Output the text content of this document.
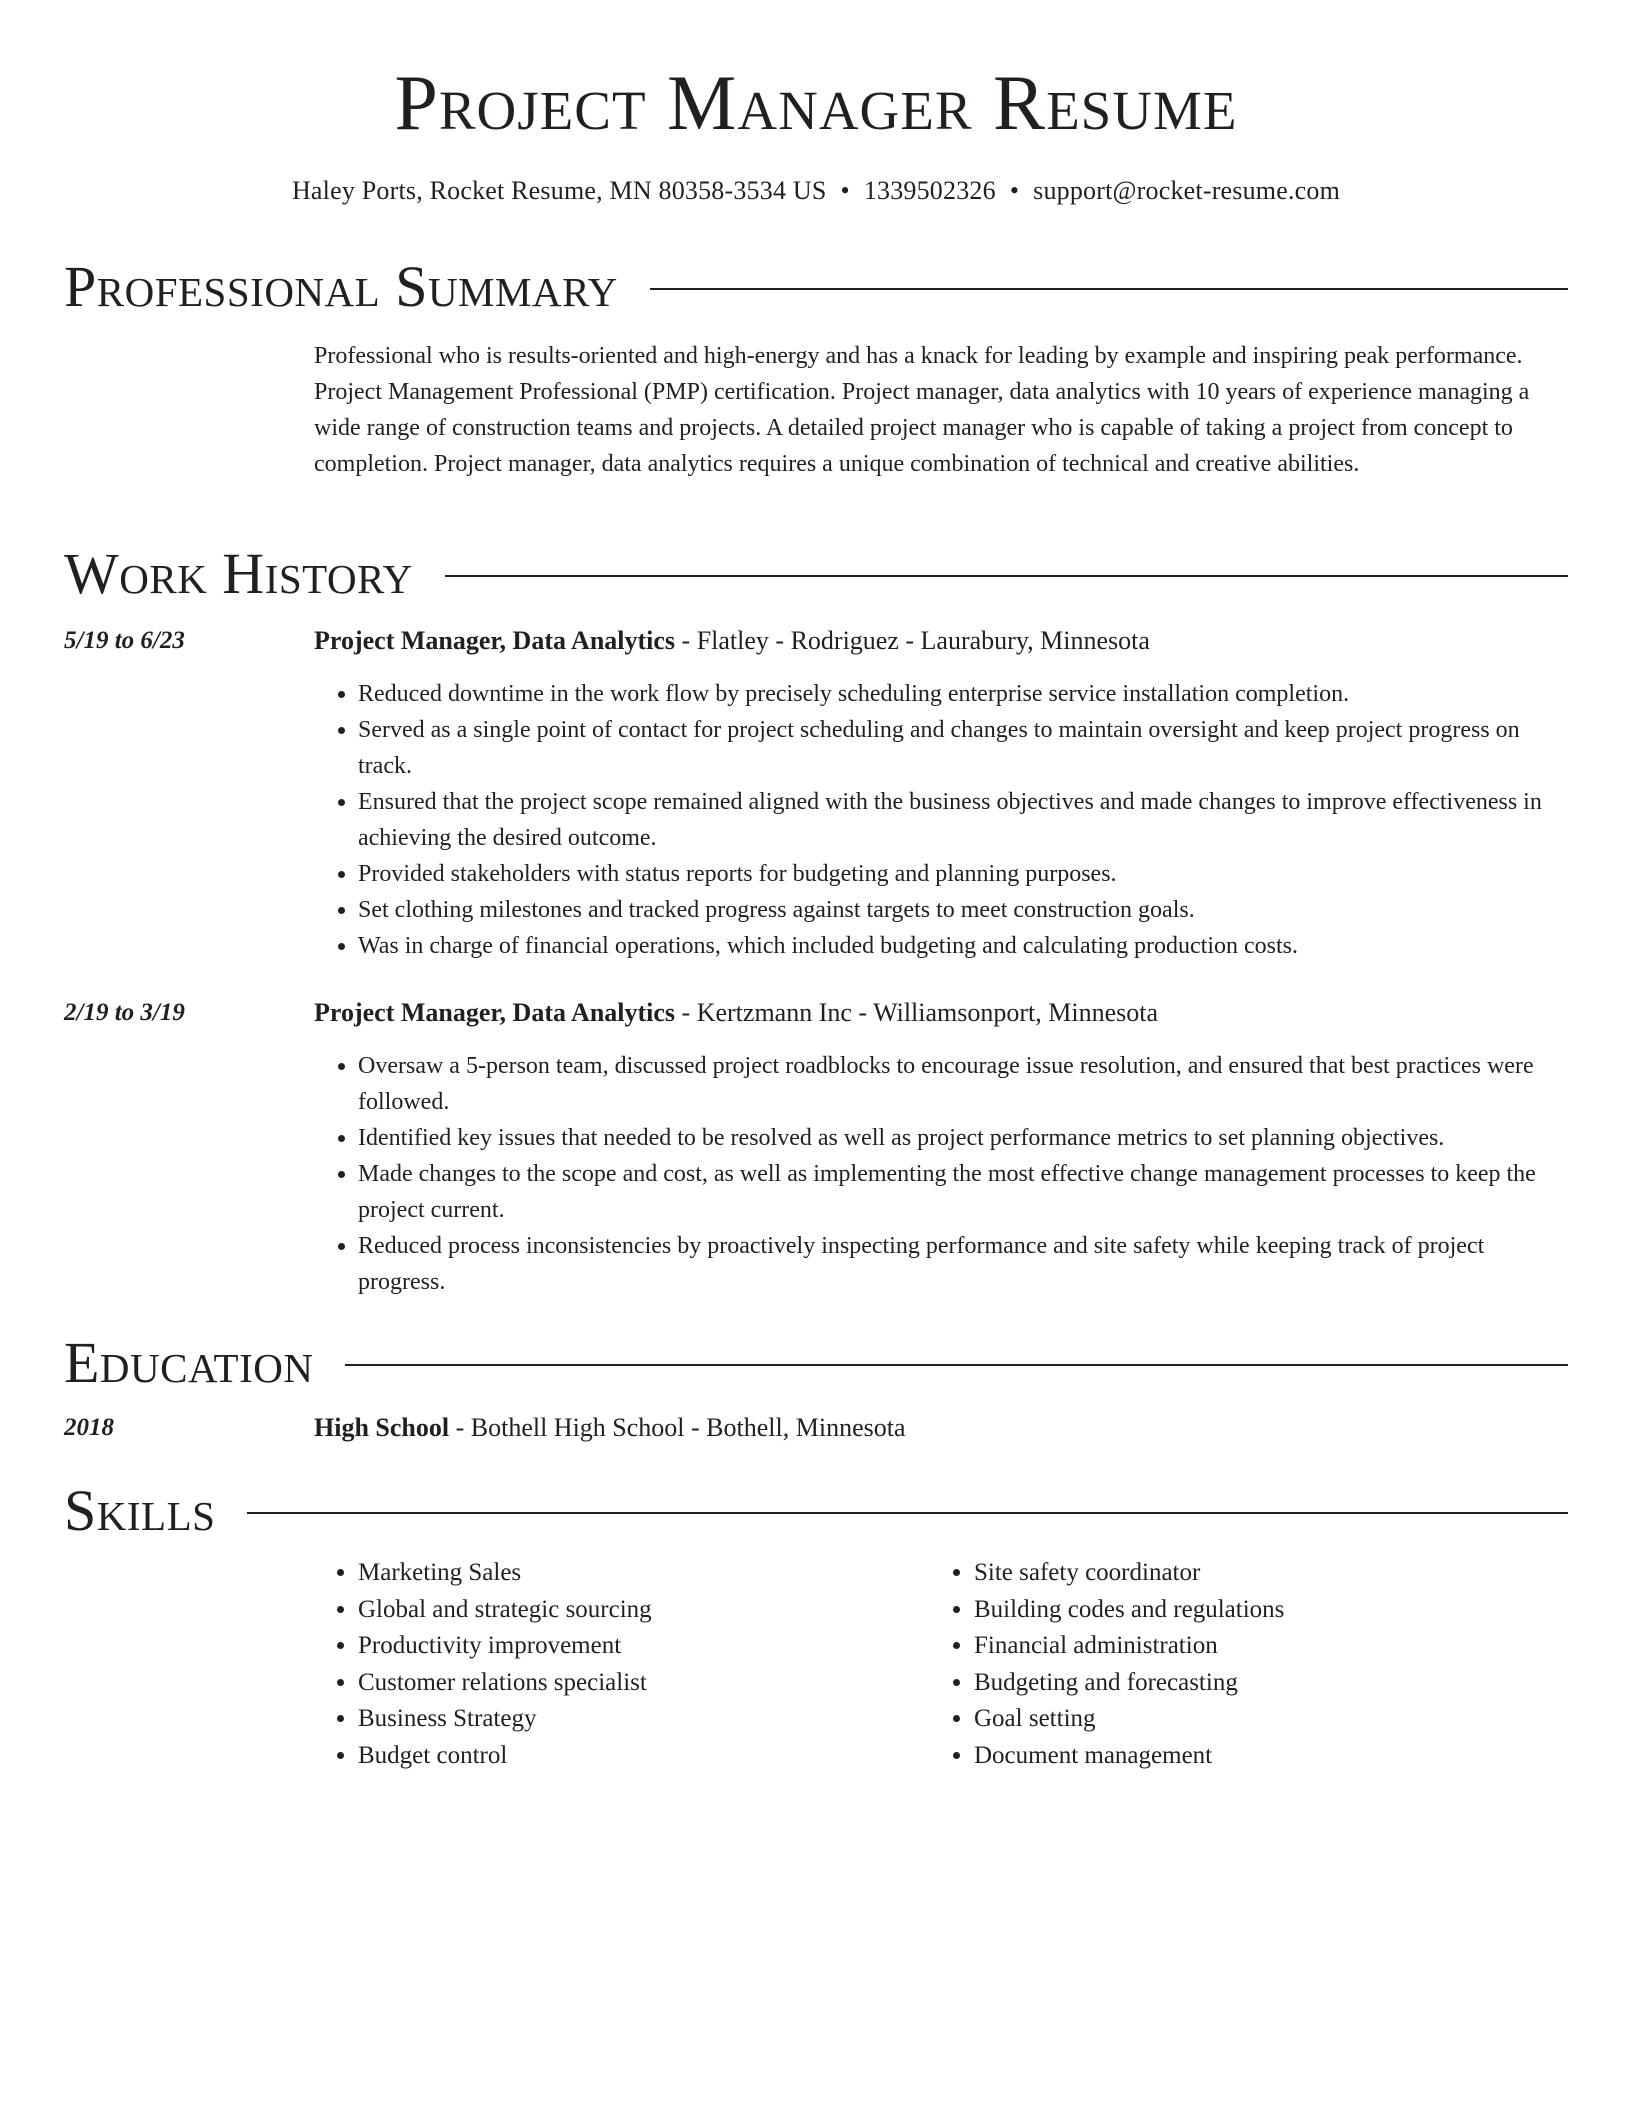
Project Manager Resume
Haley Ports, Rocket Resume, MN 80358-3534 US • 1339502326 • support@rocket-resume.com
Professional Summary

Professional who is results-oriented and high-energy and has a knack for leading by example and inspiring peak performance. Project Management Professional (PMP) certification. Project manager, data analytics with 10 years of experience managing a wide range of construction teams and projects. A detailed project manager who is capable of taking a project from concept to completion. Project manager, data analytics requires a unique combination of technical and creative abilities.

Work History
5/19 to 6/23	Project Manager, Data Analytics - Flatley - Rodriguez - Laurabury, Minnesota
• Reduced downtime in the work flow by precisely scheduling enterprise service installation completion.
• Served as a single point of contact for project scheduling and changes to maintain oversight and keep project progress on track.
• Ensured that the project scope remained aligned with the business objectives and made changes to improve effectiveness in achieving the desired outcome.
• Provided stakeholders with status reports for budgeting and planning purposes.
• Set clothing milestones and tracked progress against targets to meet construction goals.
• Was in charge of financial operations, which included budgeting and calculating production costs.
2/19 to 3/19	Project Manager, Data Analytics - Kertzmann Inc - Williamsonport, Minnesota
• Oversaw a 5-person team, discussed project roadblocks to encourage issue resolution, and ensured that best practices were followed.
• Identified key issues that needed to be resolved as well as project performance metrics to set planning objectives.
• Made changes to the scope and cost, as well as implementing the most effective change management processes to keep the project current.
• Reduced process inconsistencies by proactively inspecting performance and site safety while keeping track of project progress.
Education
2018	High School - Bothell High School - Bothell, Minnesota
Skills
• Marketing Sales
• Global and strategic sourcing
• Productivity improvement
• Customer relations specialist
• Business Strategy
• Budget control
• Site safety coordinator
• Building codes and regulations
• Financial administration
• Budgeting and forecasting
• Goal setting
• Document management
